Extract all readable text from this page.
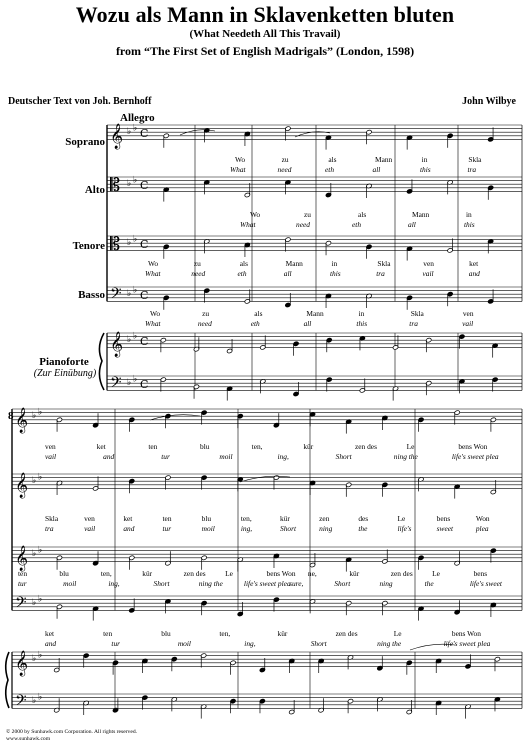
Wozu als Mann in Sklavenketten bluten
(What Needeth All This Travail)
from “The First Set of English Madrigals” (London, 1598)
Deutscher Text von Joh. Bernhoff	John Wilbye
Allegro
Soprano
Alto
Tenore
Basso
Pianoforte
(Zur Einübung)
8
𝄞
𝄡
𝄡
𝄢
𝄞
𝄢
Wo	zu	als	Mann	in	Skla
What	need	eth	all	this	tra
Wo	zu	als	Mann	in
What	need	eth	all	this
Wo	zu	als	Mann	in	Skla	ven	ket
What	need	eth	all	this	tra	vail	and
Wo	zu	als	Mann	in	Skla	ven
What	need	eth	all	this	tra	vail
𝄞
𝄞
𝄞
𝄢
𝄞
𝄢
ven	ket	ten	blu	ten,	kür	zen des	Le	bens Won
vail	and	tur	moil	ing,	Short	ning the	life's sweet plea
Skla	ven	ket	ten	blu	ten,	kür	zen	des	Le	bens	Won
tra	vail	and	tur	moil	ing,	Short	ning	the	life's	sweet	plea
ten	blu	ten,	kür	zen des	Le	bens Won ne,	kür	zen des	Le	bens
tur	moil	ing,	Short	ning the	life's sweet plea
sure,	Short	ning	the	life's sweet
ket	ten	blu	ten,	kür	zen des	Le	bens Won
and	tur	moil	ing,	Short	ning the	life's sweet plea
♭ ♭ C
♭ ♭ C
♭ ♭ C
♭ ♭ C
♭ ♭ C
♭ ♭ C
♭ ♭
♭ ♭
♭ ♭
♭ ♭
♭ ♭
♭ ♭
© 2000 by Sunhawk.com Corporation. All rights reserved.
www.sunhawk.com
